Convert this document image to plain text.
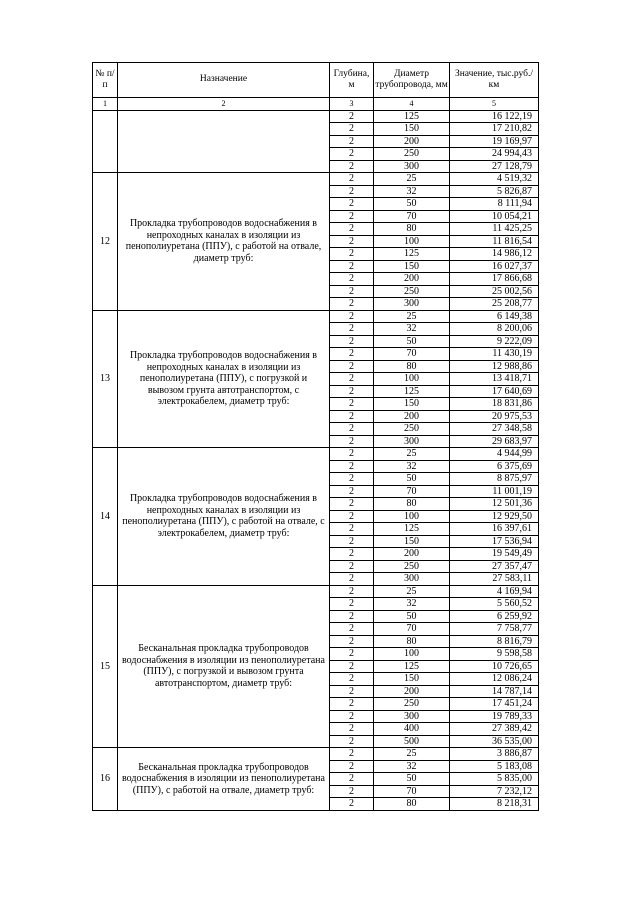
№ п/п	Назначение	Глубина, м	Диаметр трубопровода, мм	Значение, тыс.руб./км
1	2	3	4	5
		2	125	16 122,19
		2	150	17 210,82
		2	200	19 169,97
		2	250	24 994,43
		2	300	27 128,79
12	Прокладка трубопроводов водоснабжения в непроходных каналах в изоляции из пенополиуретана (ППУ), с работой на отвале, диаметр труб:	2	25	4 519,32
		2	32	5 826,87
		2	50	8 111,94
		2	70	10 054,21
		2	80	11 425,25
		2	100	11 816,54
		2	125	14 986,12
		2	150	16 027,37
		2	200	17 866,68
		2	250	25 002,56
		2	300	25 208,77
13	Прокладка трубопроводов водоснабжения в непроходных каналах в изоляции из пенополиуретана (ППУ), с погрузкой и вывозом грунта автотранспортом, с электрокабелем, диаметр труб:	2	25	6 149,38
		2	32	8 200,06
		2	50	9 222,09
		2	70	11 430,19
		2	80	12 988,86
		2	100	13 418,71
		2	125	17 640,69
		2	150	18 831,86
		2	200	20 975,53
		2	250	27 348,58
		2	300	29 683,97
14	Прокладка трубопроводов водоснабжения в непроходных каналах в изоляции из пенополиуретана (ППУ), с работой на отвале, с электрокабелем, диаметр труб:	2	25	4 944,99
		2	32	6 375,69
		2	50	8 875,97
		2	70	11 001,19
		2	80	12 501,36
		2	100	12 929,50
		2	125	16 397,61
		2	150	17 536,94
		2	200	19 549,49
		2	250	27 357,47
		2	300	27 583,11
15	Бесканальная прокладка трубопроводов водоснабжения в изоляции из пенополиуретана (ППУ), с погрузкой и вывозом грунта автотранспортом, диаметр труб:	2	25	4 169,94
		2	32	5 560,52
		2	50	6 259,92
		2	70	7 758,77
		2	80	8 816,79
		2	100	9 598,58
		2	125	10 726,65
		2	150	12 086,24
		2	200	14 787,14
		2	250	17 451,24
		2	300	19 789,33
		2	400	27 389,42
		2	500	36 535,00
16	Бесканальная прокладка трубопроводов водоснабжения в изоляции из пенополиуретана (ППУ), с работой на отвале, диаметр труб:	2	25	3 886,87
		2	32	5 183,08
		2	50	5 835,00
		2	70	7 232,12
		2	80	8 218,31
